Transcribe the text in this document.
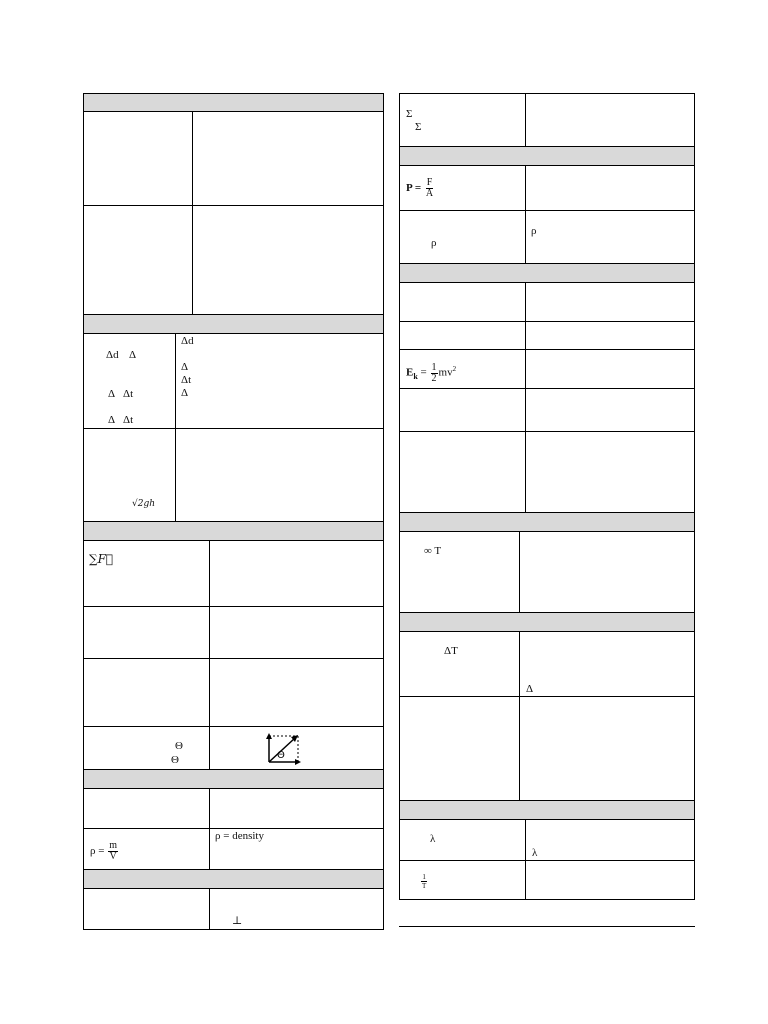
Δd Δ
Δ Δt
Δ Δt
Δd
Δ
Δt
Δ
√2gh
∑F⃗
Θ
Θ	Θ
$\rho = \frac{m}{V}$
ρ = density
⊥
Σ
Σ
$P = \frac{F}{A}$
ρ
ρ
$E_k = \frac{1}{2} mv^2$
∞ T
ΔT
Δ
λ
λ
$\frac{1}{T}$
